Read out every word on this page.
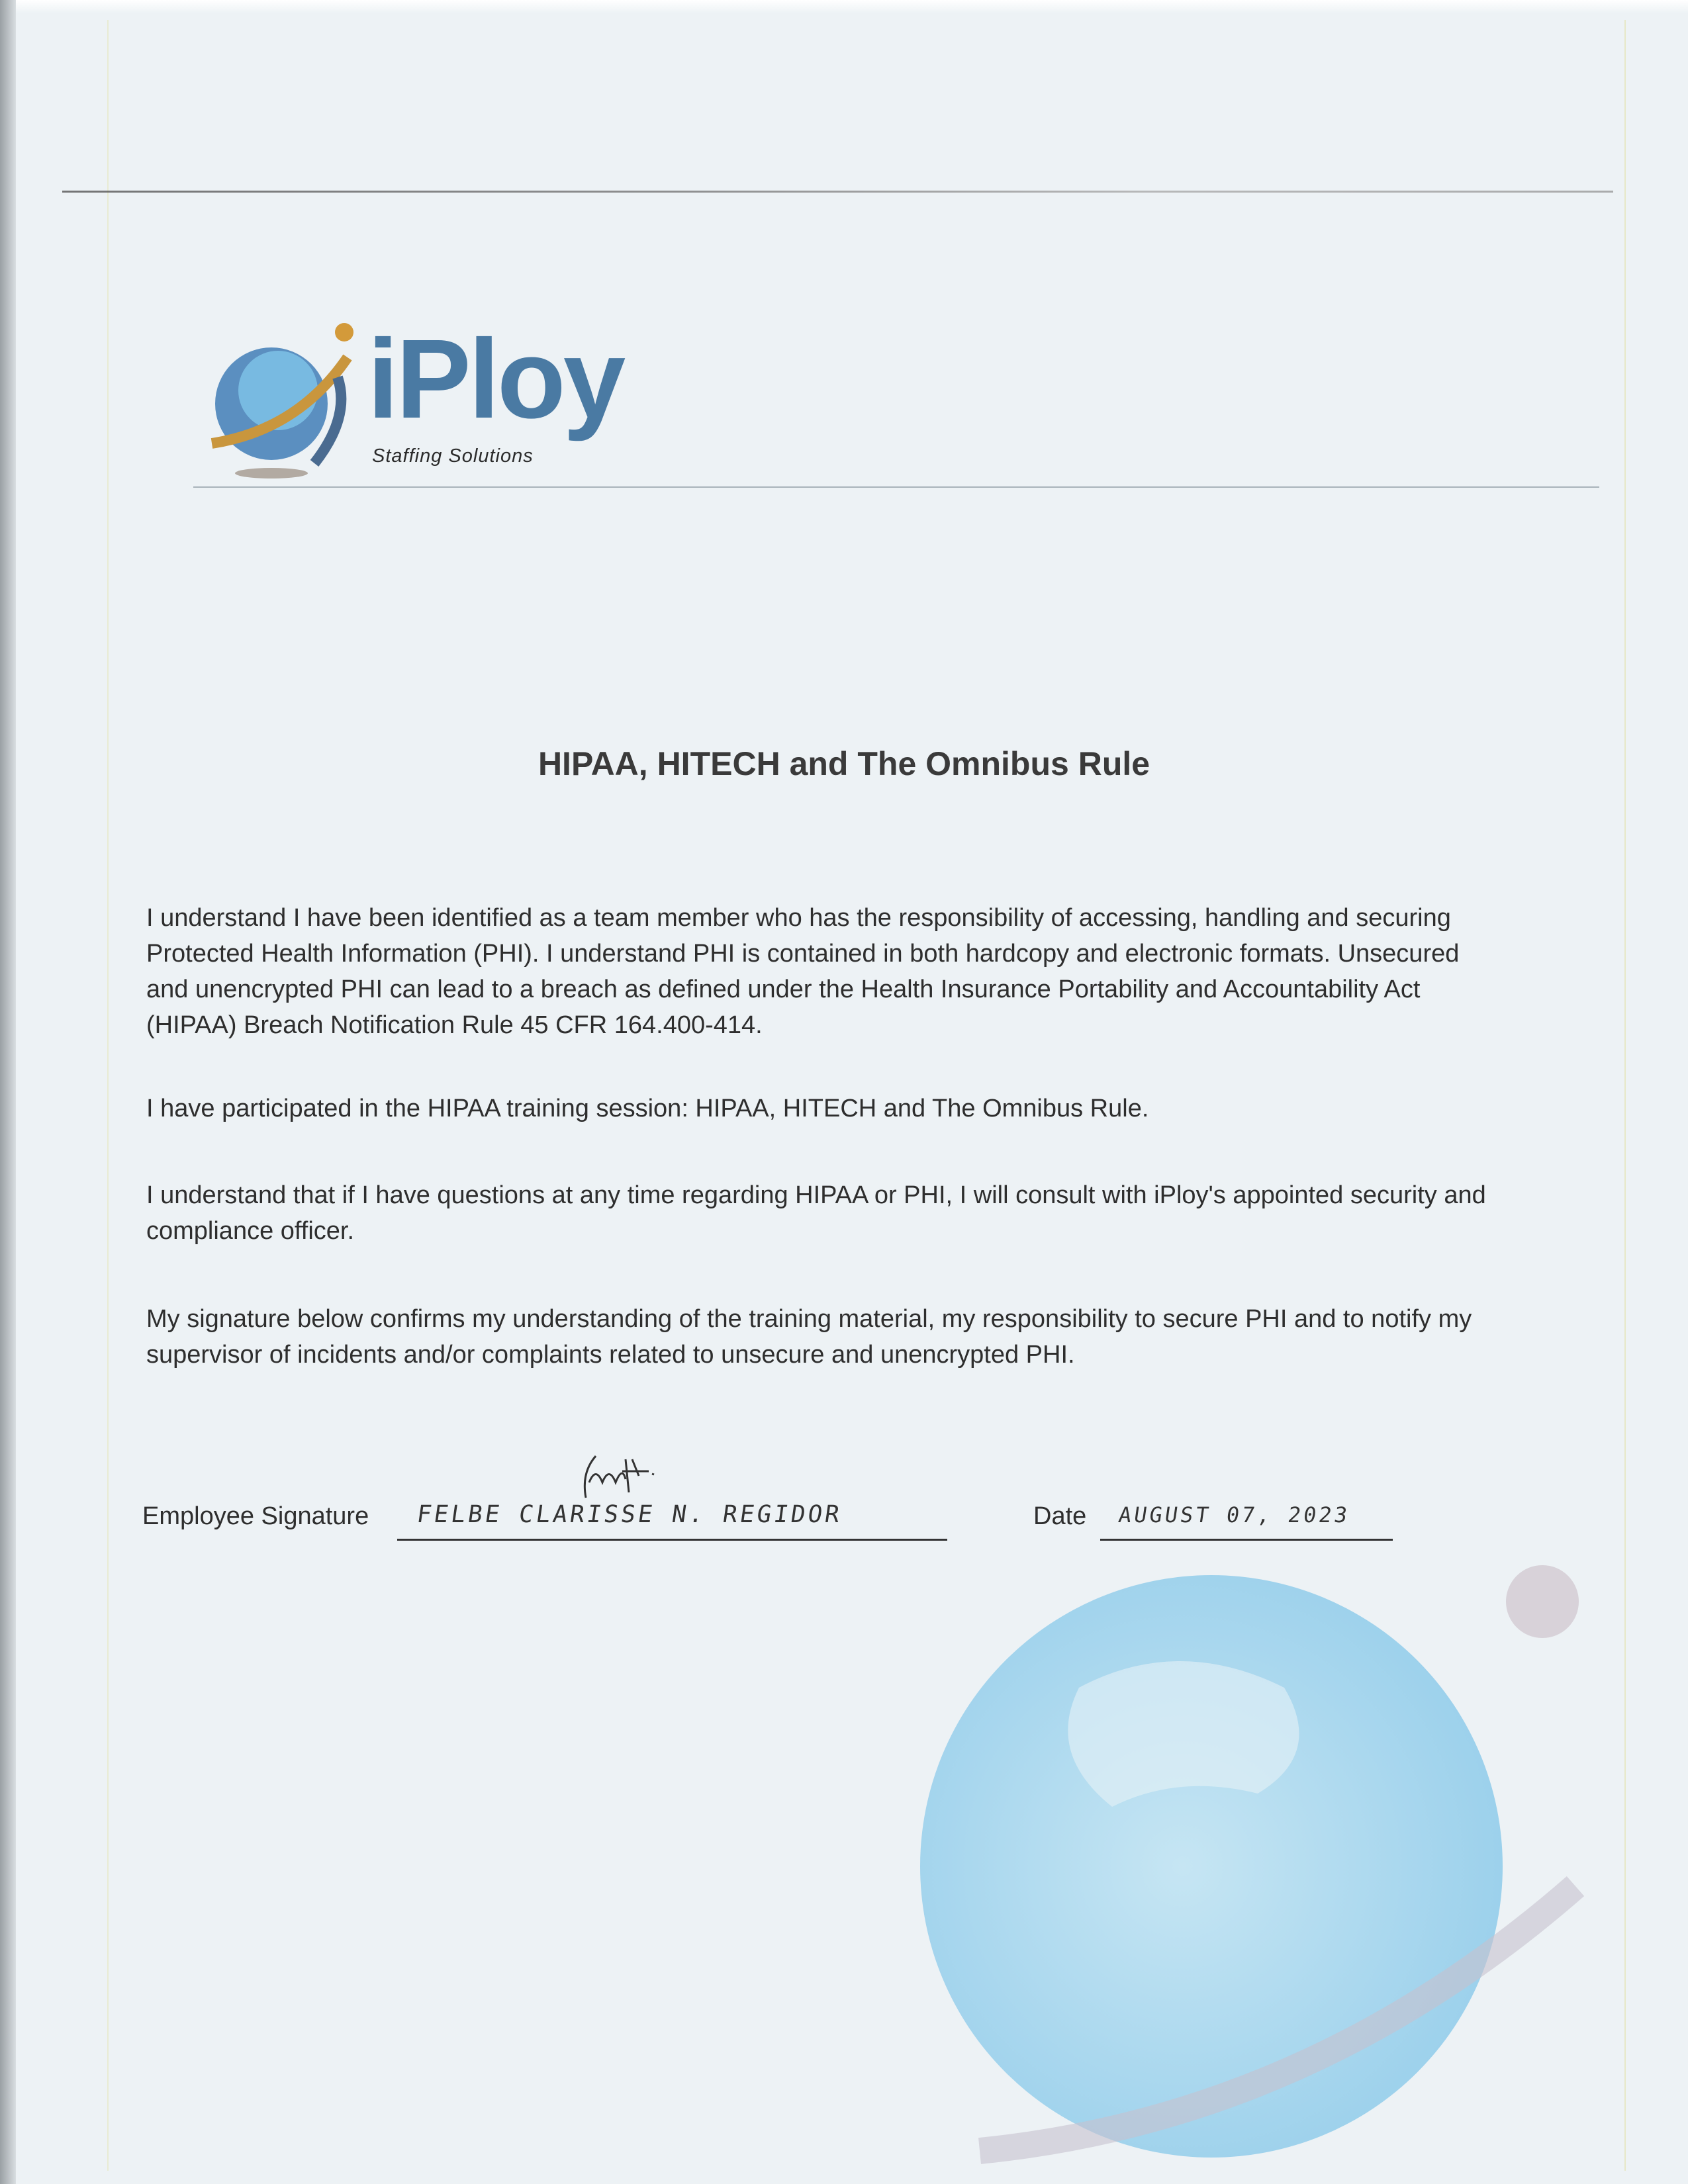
iPloy
Staffing Solutions
HIPAA, HITECH and The Omnibus Rule
I understand I have been identified as a team member who has the responsibility of accessing, handling and securing
Protected Health Information (PHI). I understand PHI is contained in both hardcopy and electronic formats. Unsecured
and unencrypted PHI can lead to a breach as defined under the Health Insurance Portability and Accountability Act
(HIPAA) Breach Notification Rule 45 CFR 164.400-414.
I have participated in the HIPAA training session: HIPAA, HITECH and The Omnibus Rule.
I understand that if I have questions at any time regarding HIPAA or PHI, I will consult with iPloy's appointed security and
compliance officer.
My signature below confirms my understanding of the training material, my responsibility to secure PHI and to notify my
supervisor of incidents and/or complaints related to unsecure and unencrypted PHI.
Employee Signature FELBE CLARISSE N. REGIDOR	Date AUGUST 07, 2023
